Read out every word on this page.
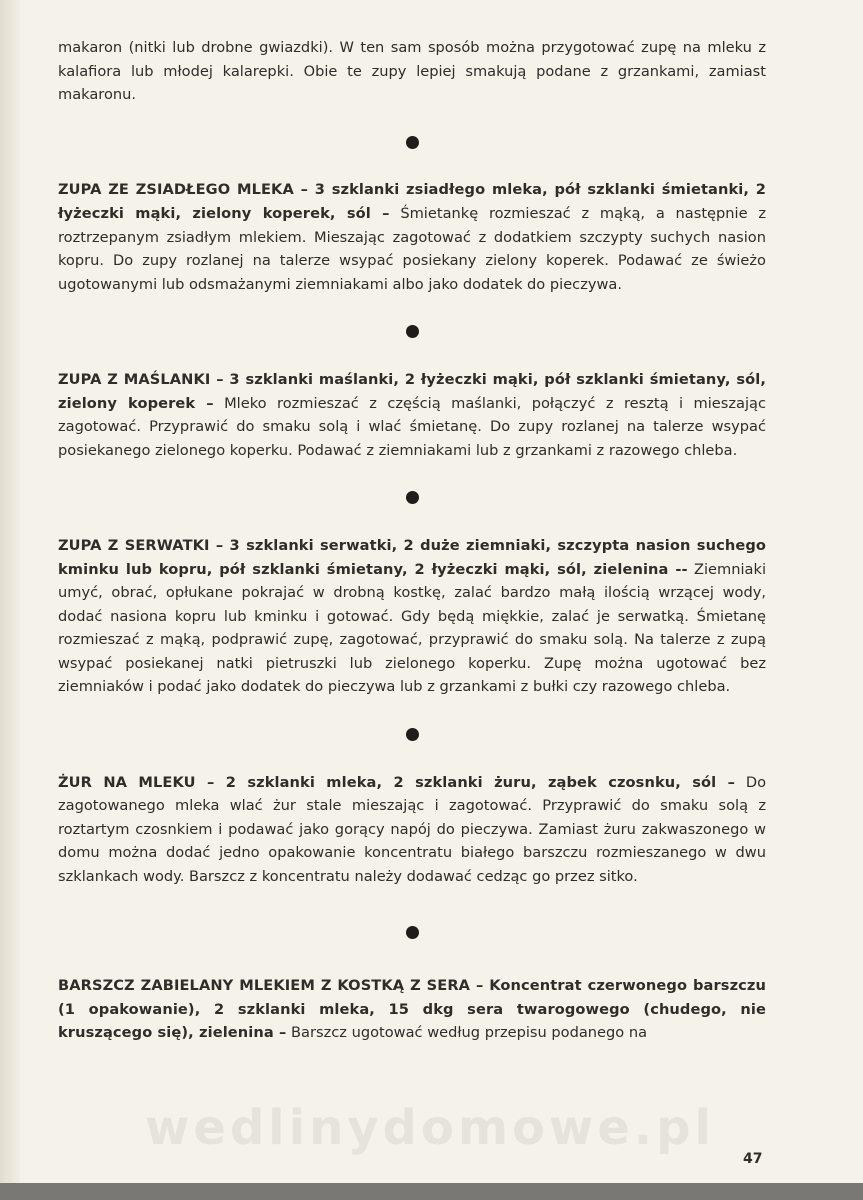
makaron (nitki lub drobne gwiazdki). W ten sam sposób można przygotować zupę na mleku z kalafiora lub młodej kalarepki. Obie te zupy lepiej smakują podane z grzankami, zamiast makaronu.

ZUPA ZE ZSIADŁEGO MLEKA – 3 szklanki zsiadłego mleka, pół szklanki śmietanki, 2 łyżeczki mąki, zielony koperek, sól – Śmietankę rozmieszać z mąką, a następnie z roztrzepanym zsiadłym mlekiem. Mieszając zagotować z dodatkiem szczypty suchych nasion kopru. Do zupy rozlanej na talerze wsypać posiekany zielony koperek. Podawać ze świeżo ugotowanymi lub odsmażanymi ziemniakami albo jako dodatek do pieczywa.

ZUPA Z MAŚLANKI – 3 szklanki maślanki, 2 łyżeczki mąki, pół szklanki śmietany, sól, zielony koperek – Mleko rozmieszać z częścią maślanki, połączyć z resztą i mieszając zagotować. Przyprawić do smaku solą i wlać śmietanę. Do zupy rozlanej na talerze wsypać posiekanego zielonego koperku. Podawać z ziemniakami lub z grzankami z razowego chleba.

ZUPA Z SERWATKI – 3 szklanki serwatki, 2 duże ziemniaki, szczypta nasion suchego kminku lub kopru, pół szklanki śmietany, 2 łyżeczki mąki, sól, zielenina -- Ziemniaki umyć, obrać, opłukane pokrajać w drobną kostkę, zalać bardzo małą ilością wrzącej wody, dodać nasiona kopru lub kminku i gotować. Gdy będą miękkie, zalać je serwatką. Śmietanę rozmieszać z mąką, podprawić zupę, zagotować, przyprawić do smaku solą. Na talerze z zupą wsypać posiekanej natki pietruszki lub zielonego koperku. Zupę można ugotować bez ziemniaków i podać jako dodatek do pieczywa lub z grzankami z bułki czy razowego chleba.

ŻUR NA MLEKU – 2 szklanki mleka, 2 szklanki żuru, ząbek czosnku, sól – Do zagotowanego mleka wlać żur stale mieszając i zagotować. Przyprawić do smaku solą z roztartym czosnkiem i podawać jako gorący napój do pieczywa. Zamiast żuru zakwaszonego w domu można dodać jedno opakowanie koncentratu białego barszczu rozmieszanego w dwu szklankach wody. Barszcz z koncentratu należy dodawać cedząc go przez sitko.

BARSZCZ ZABIELANY MLEKIEM Z KOSTKĄ Z SERA – Koncentrat czerwonego barszczu (1 opakowanie), 2 szklanki mleka, 15 dkg sera twarogowego (chudego, nie kruszącego się), zielenina – Barszcz ugotować według przepisu podanego na

wedlinydomowe.pl
47
